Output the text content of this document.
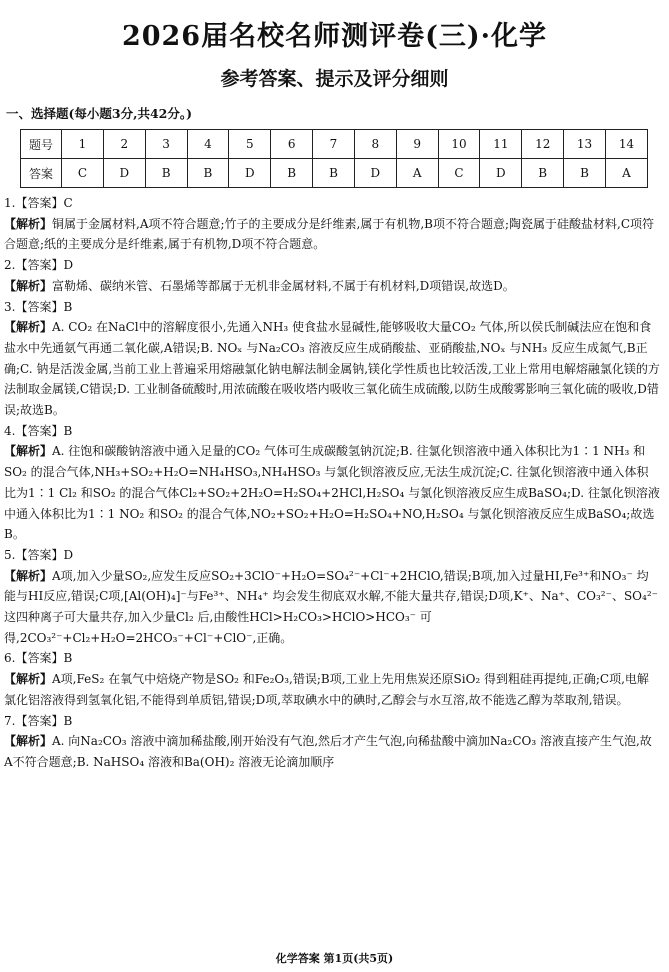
2026届名校名师测评卷(三)·化学
参考答案、提示及评分细则
一、选择题(每小题3分,共42分。)
题号	1	2	3	4	5	6	7	8	9	10	11	12	13	14
答案	C	D	B	B	D	B	B	D	A	C	D	B	B	A
1.【答案】C
【解析】铜属于金属材料,A项不符合题意;竹子的主要成分是纤维素,属于有机物,B项不符合题意;陶瓷属于硅酸盐材料,C项符合题意;纸的主要成分是纤维素,属于有机物,D项不符合题意。
2.【答案】D
【解析】富勒烯、碳纳米管、石墨烯等都属于无机非金属材料,不属于有机材料,D项错误,故选D。
3.【答案】B
【解析】A. CO₂ 在NaCl中的溶解度很小,先通入NH₃ 使食盐水显碱性,能够吸收大量CO₂ 气体,所以侯氏制碱法应在饱和食盐水中先通氨气再通二氧化碳,A错误;B. NOₓ 与Na₂CO₃ 溶液反应生成硝酸盐、亚硝酸盐,NOₓ 与NH₃ 反应生成氮气,B正确;C. 钠是活泼金属,当前工业上普遍采用熔融氯化钠电解法制金属钠,镁化学性质也比较活泼,工业上常用电解熔融氯化镁的方法制取金属镁,C错误;D. 工业制备硫酸时,用浓硫酸在吸收塔内吸收三氧化硫生成硫酸,以防生成酸雾影响三氧化硫的吸收,D错误;故选B。
4.【答案】B
【解析】A. 往饱和碳酸钠溶液中通入足量的CO₂ 气体可生成碳酸氢钠沉淀;B. 往氯化钡溶液中通入体积比为1∶1 NH₃ 和SO₂ 的混合气体,NH₃+SO₂+H₂O=NH₄HSO₃,NH₄HSO₃ 与氯化钡溶液反应,无法生成沉淀;C. 往氯化钡溶液中通入体积比为1∶1 Cl₂ 和SO₂ 的混合气体Cl₂+SO₂+2H₂O=H₂SO₄+2HCl,H₂SO₄ 与氯化钡溶液反应生成BaSO₄;D. 往氯化钡溶液中通入体积比为1∶1 NO₂ 和SO₂ 的混合气体,NO₂+SO₂+H₂O=H₂SO₄+NO,H₂SO₄ 与氯化钡溶液反应生成BaSO₄;故选B。
5.【答案】D
【解析】A项,加入少量SO₂,应发生反应SO₂+3ClO⁻+H₂O=SO₄²⁻+Cl⁻+2HClO,错误;B项,加入过量HI,Fe³⁺和NO₃⁻ 均能与HI反应,错误;C项,[Al(OH)₄]⁻与Fe³⁺、NH₄⁺ 均会发生彻底双水解,不能大量共存,错误;D项,K⁺、Na⁺、CO₃²⁻、SO₄²⁻ 这四种离子可大量共存,加入少量Cl₂ 后,由酸性HCl>H₂CO₃>HClO>HCO₃⁻ 可得,2CO₃²⁻+Cl₂+H₂O=2HCO₃⁻+Cl⁻+ClO⁻,正确。
6.【答案】B
【解析】A项,FeS₂ 在氧气中焙烧产物是SO₂ 和Fe₂O₃,错误;B项,工业上先用焦炭还原SiO₂ 得到粗硅再提纯,正确;C项,电解氯化铝溶液得到氢氧化铝,不能得到单质铝,错误;D项,萃取碘水中的碘时,乙醇会与水互溶,故不能选乙醇为萃取剂,错误。
7.【答案】B
【解析】A. 向Na₂CO₃ 溶液中滴加稀盐酸,刚开始没有气泡,然后才产生气泡,向稀盐酸中滴加Na₂CO₃ 溶液直接产生气泡,故A不符合题意;B. NaHSO₄ 溶液和Ba(OH)₂ 溶液无论滴加顺序
化学答案 第1页(共5页)
